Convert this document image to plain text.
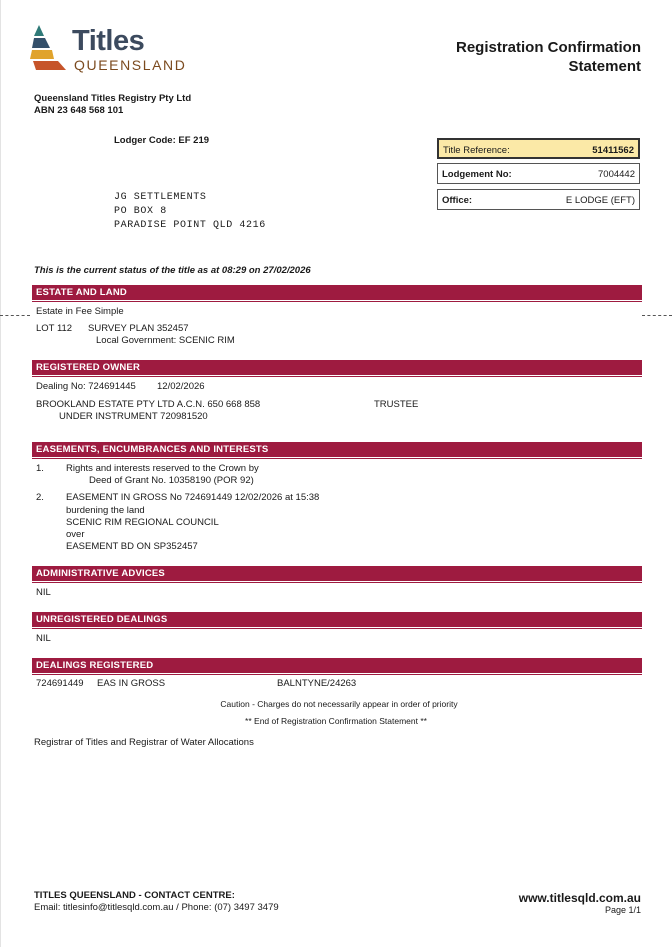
Titles
QUEENSLAND
Registration Confirmation
Statement
Queensland Titles Registry Pty Ltd
ABN 23 648 568 101
Lodger Code: EF 219
Title Reference:	51411562
Lodgement No:	7004442
Office:	E LODGE (EFT)
JG SETTLEMENTS
PO BOX 8
PARADISE POINT QLD 4216
This is the current status of the title as at 08:29 on 27/02/2026
ESTATE AND LAND
Estate in Fee Simple
LOT 112 SURVEY PLAN 352457
Local Government: SCENIC RIM
REGISTERED OWNER
Dealing No: 724691445 12/02/2026
BROOKLAND ESTATE PTY LTD A.C.N. 650 668 858	TRUSTEE
UNDER INSTRUMENT 720981520
EASEMENTS, ENCUMBRANCES AND INTERESTS
1. Rights and interests reserved to the Crown by
Deed of Grant No. 10358190 (POR 92)
2. EASEMENT IN GROSS No 724691449 12/02/2026 at 15:38
burdening the land
SCENIC RIM REGIONAL COUNCIL
over
EASEMENT BD ON SP352457
ADMINISTRATIVE ADVICES
NIL
UNREGISTERED DEALINGS
NIL
DEALINGS REGISTERED
724691449 EAS IN GROSS	BALNTYNE/24263
Caution - Charges do not necessarily appear in order of priority
** End of Registration Confirmation Statement **
Registrar of Titles and Registrar of Water Allocations
TITLES QUEENSLAND - CONTACT CENTRE:
Email: titlesinfo@titlesqld.com.au / Phone: (07) 3497 3479
www.titlesqld.com.au
Page 1/1
